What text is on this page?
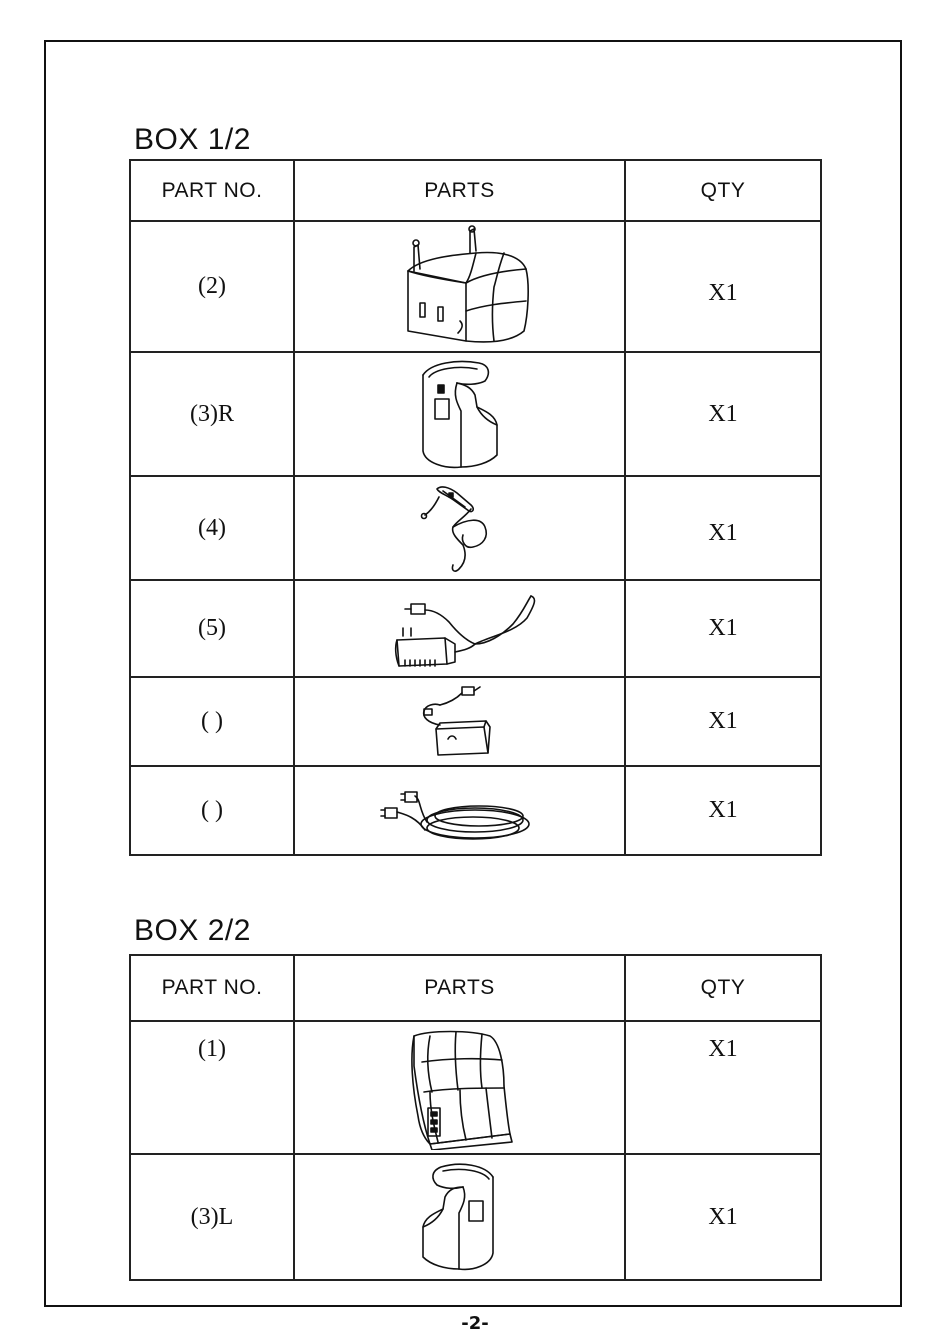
BOX 1/2
PART NO.	PARTS	QTY
(2)		X1
(3)R		X1
(4)		X1
(5)		X1
( )		X1
( )		X1
BOX 2/2
PART NO.	PARTS	QTY
(1)		X1
(3)L		X1
-2-
